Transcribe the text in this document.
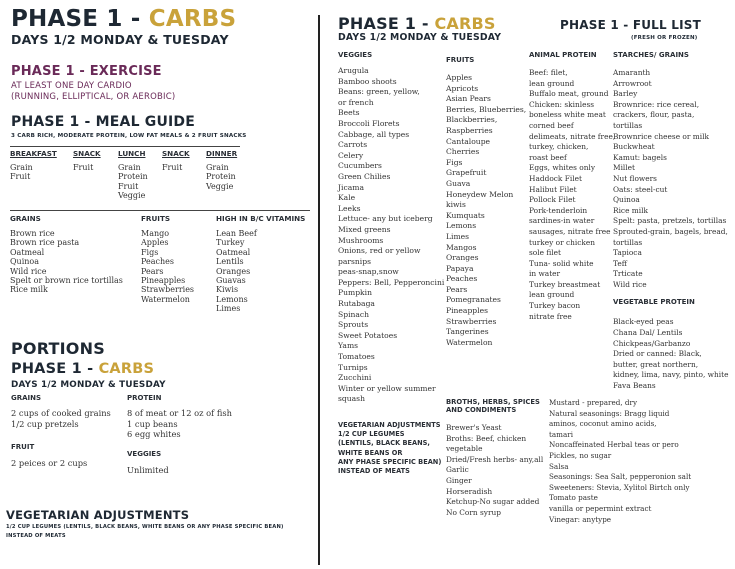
PHASE 1 - CARBS
DAYS 1/2 MONDAY & TUESDAY
PHASE 1 - EXERCISE
AT LEAST ONE DAY CARDIO
(RUNNING, ELLIPTICAL, OR AEROBIC)
PHASE 1 - MEAL GUIDE
3 CARB RICH, MODERATE PROTEIN, LOW FAT MEALS & 2 FRUIT SNACKS
BREAKFAST
Grain
Fruit
SNACK
Fruit
LUNCH
Grain
Protein
Fruit
Veggie
SNACK
Fruit
DINNER
Grain
Protein
Veggie
GRAINS
Brown rice
Brown rice pasta
Oatmeal
Quinoa
Wild rice
Spelt or brown rice tortillas
Rice milk
FRUITS
Mango
Apples
Figs
Peaches
Pears
Pineapples
Strawberries
Watermelon
HIGH IN B/C VITAMINS
Lean Beef
Turkey
Oatmeal
Lentils
Oranges
Guavas
Kiwis
Lemons
Limes
PORTIONS
PHASE 1 - CARBS
DAYS 1/2 MONDAY & TUESDAY
GRAINS
2 cups of cooked grains
1/2 cup pretzels
PROTEIN
8 of meat or 12 oz of fish
1 cup beans
6 egg whites
FRUIT
2 peices or 2 cups
VEGGIES
Unlimited
VEGETARIAN ADJUSTMENTS
1/2 CUP LEGUMES (LENTILS, BLACK BEANS, WHITE BEANS OR ANY PHASE SPECIFIC BEAN)
INSTEAD OF MEATS
PHASE 1 - CARBS
DAYS 1/2 MONDAY & TUESDAY
PHASE 1 - FULL LIST
(FRESH OR FROZEN)
VEGGIES
Arugula
Bamboo shoots
Beans: green, yellow,
or french
Beets
Broccoli Florets
Cabbage, all types
Carrots
Celery
Cucumbers
Green Chilies
Jicama
Kale
Leeks
Lettuce- any but iceberg
Mixed greens
Mushrooms
Onions, red or yellow
parsnips
peas-snap,snow
Peppers: Bell, Pepperoncini
Pumpkin
Rutabaga
Spinach
Sprouts
Sweet Potatoes
Yams
Tomatoes
Turnips
Zucchini
Winter or yellow summer
squash
FRUITS
Apples
Apricots
Asian Pears
Berries, Blueberries,
Blackberries,
Raspberries
Cantaloupe
Cherries
Figs
Grapefruit
Guava
Honeydew Melon
kiwis
Kumquats
Lemons
Limes
Mangos
Oranges
Papaya
Peaches
Pears
Pomegranates
Pineapples
Strawberries
Tangerines
Watermelon
ANIMAL PROTEIN
Beef: filet,
lean ground
Buffalo meat, ground
Chicken: skinless
boneless white meat
corned beef
delimeats, nitrate free,
turkey, chicken,
roast beef
Eggs, whites only
Haddock Filet
Halibut Filet
Pollock Filet
Pork-tenderloin
sardines-in water
sausages, nitrate free
turkey or chicken
sole filet
Tuna- solid white
in water
Turkey breastmeat
lean ground
Turkey bacon
nitrate free
STARCHES/ GRAINS
Amaranth
Arrowroot
Barley
Brownrice: rice cereal,
crackers, flour, pasta,
tortillas
Brownrice cheese or milk
Buckwheat
Kamut: bagels
Millet
Nut flowers
Oats: steel-cut
Quinoa
Rice milk
Spelt: pasta, pretzels, tortillas
Sprouted-grain, bagels, bread,
tortillas
Tapioca
Teff
Trticate
Wild rice
VEGETABLE PROTEIN
Black-eyed peas
Chana Dal/ Lentils
Chickpeas/Garbanzo
Dried or canned: Black,
butter, great northern,
kidney, lima, navy, pinto, white
Fava Beans
VEGETARIAN ADJUSTMENTS
1/2 CUP LEGUMES
(LENTILS, BLACK BEANS,
WHITE BEANS OR
ANY PHASE SPECIFIC BEAN)
INSTEAD OF MEATS
BROTHS, HERBS, SPICES
AND CONDIMENTS
Brewer's Yeast
Broths: Beef, chicken
vegetable
Dried/Fresh herbs- any,all
Garlic
Ginger
Horseradish
Ketchup-No sugar added
No Corn syrup
Mustard - prepared, dry
Natural seasonings: Bragg liquid
aminos, coconut amino acids,
tamari
Noncaffeinated Herbal teas or pero
Pickles, no sugar
Salsa
Seasonings: Sea Salt, pepperonion salt
Sweeteners: Stevia, Xylitol Birtch only
Tomato paste
vanilla or pepermint extract
Vinegar: anytype
